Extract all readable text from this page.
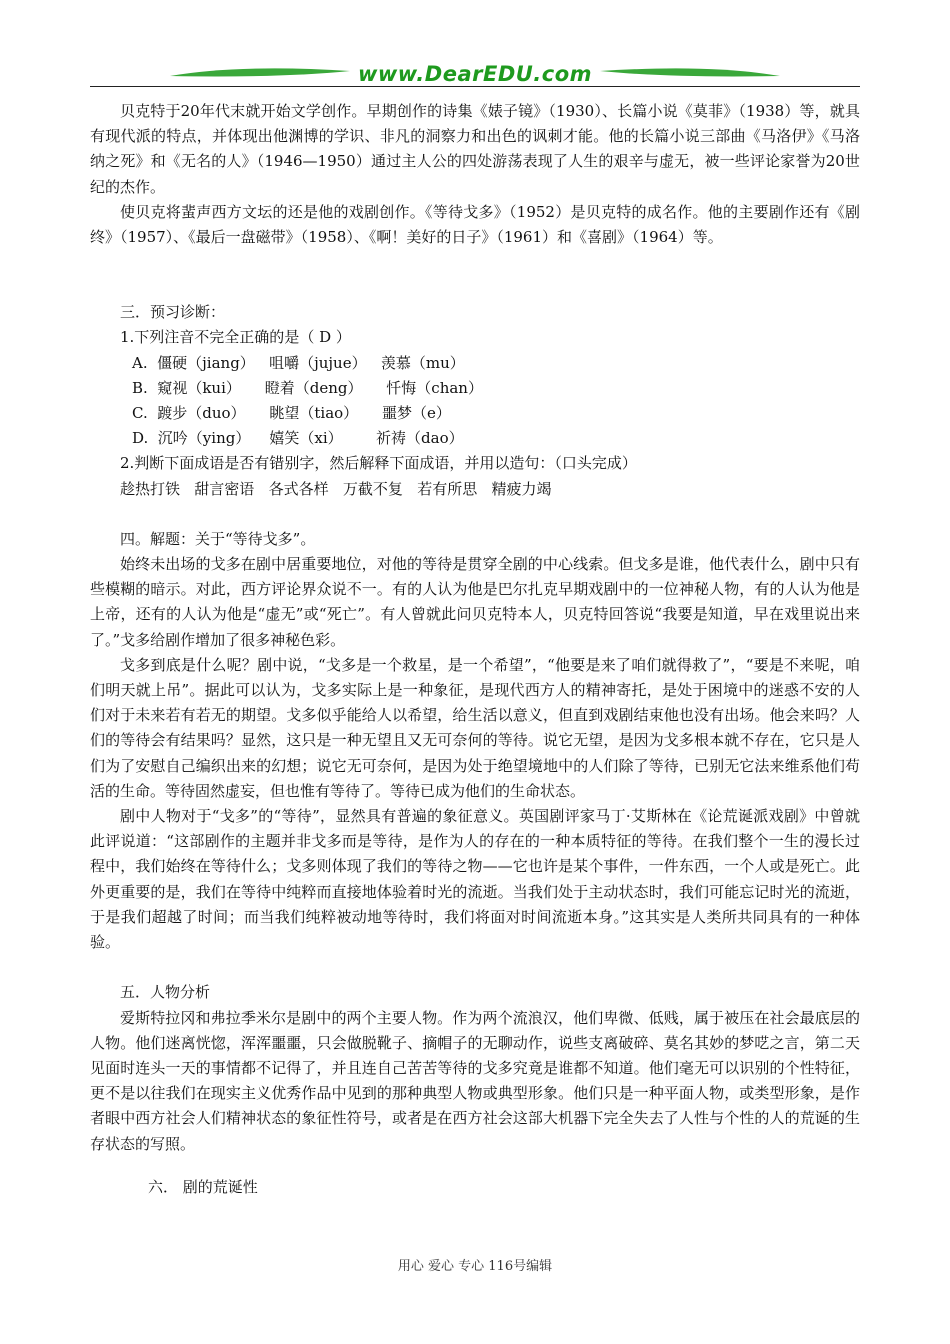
www.DearEDU.com

贝克特于20年代末就开始文学创作。早期创作的诗集《婊子镜》（1930）、长篇小说《莫菲》（1938）等，就具有现代派的特点，并体现出他渊博的学识、非凡的洞察力和出色的讽刺才能。他的长篇小说三部曲《马洛伊》《马洛纳之死》和《无名的人》（1946—1950）通过主人公的四处游荡表现了人生的艰辛与虚无，被一些评论家誉为20世纪的杰作。

使贝克将蜚声西方文坛的还是他的戏剧创作。《等待戈多》（1952）是贝克特的成名作。他的主要剧作还有《剧终》（1957）、《最后一盘磁带》（1958）、《啊！美好的日子》（1961）和《喜剧》（1964）等。

三．预习诊断：

1.下列注音不完全正确的是（ D ）

A.  僵硬（jiang）   咀嚼（jujue）   羡慕（mu）

B.  窥视（kui）     瞪着（deng）     忏悔（chan）

C.  踱步（duo）     眺望（tiao）     噩梦（e）

D.  沉吟（ying）    嬉笑（xi）       祈祷（dao）

2.判断下面成语是否有错别字，然后解释下面成语，并用以造句：（口头完成）

趁热打铁   甜言密语   各式各样   万截不复   若有所思   精疲力竭

四。解题：关于“等待戈多”。

始终未出场的戈多在剧中居重要地位，对他的等待是贯穿全剧的中心线索。但戈多是谁，他代表什么，剧中只有些模糊的暗示。对此，西方评论界众说不一。有的人认为他是巴尔扎克早期戏剧中的一位神秘人物，有的人认为他是上帝，还有的人认为他是“虚无”或“死亡”。有人曾就此问贝克特本人，贝克特回答说“我要是知道，早在戏里说出来了。”戈多给剧作增加了很多神秘色彩。

戈多到底是什么呢？剧中说，“戈多是一个救星，是一个希望”，“他要是来了咱们就得救了”，“要是不来呢，咱们明天就上吊”。据此可以认为，戈多实际上是一种象征，是现代西方人的精神寄托，是处于困境中的迷惑不安的人们对于未来若有若无的期望。戈多似乎能给人以希望，给生活以意义，但直到戏剧结束他也没有出场。他会来吗？人们的等待会有结果吗？显然，这只是一种无望且又无可奈何的等待。说它无望，是因为戈多根本就不存在，它只是人们为了安慰自己编织出来的幻想；说它无可奈何，是因为处于绝望境地中的人们除了等待，已别无它法来维系他们苟活的生命。等待固然虚妄，但也惟有等待了。等待已成为他们的生命状态。

剧中人物对于“戈多”的“等待”，显然具有普遍的象征意义。英国剧评家马丁·艾斯林在《论荒诞派戏剧》中曾就此评说道：“这部剧作的主题并非戈多而是等待，是作为人的存在的一种本质特征的等待。在我们整个一生的漫长过程中，我们始终在等待什么；戈多则体现了我们的等待之物——它也许是某个事件，一件东西，一个人或是死亡。此外更重要的是，我们在等待中纯粹而直接地体验着时光的流逝。当我们处于主动状态时，我们可能忘记时光的流逝，于是我们超越了时间；而当我们纯粹被动地等待时，我们将面对时间流逝本身。”这其实是人类所共同具有的一种体验。

五．人物分析

爱斯特拉冈和弗拉季米尔是剧中的两个主要人物。作为两个流浪汉，他们卑微、低贱，属于被压在社会最底层的人物。他们迷离恍惚，浑浑噩噩，只会做脱靴子、摘帽子的无聊动作，说些支离破碎、莫名其妙的梦呓之言，第二天见面时连头一天的事情都不记得了，并且连自己苦苦等待的戈多究竟是谁都不知道。他们毫无可以识别的个性特征，更不是以往我们在现实主义优秀作品中见到的那种典型人物或典型形象。他们只是一种平面人物，或类型形象，是作者眼中西方社会人们精神状态的象征性符号，或者是在西方社会这部大机器下完全失去了人性与个性的人的荒诞的生存状态的写照。

六． 剧的荒诞性

用心 爱心 专心 116号编辑
